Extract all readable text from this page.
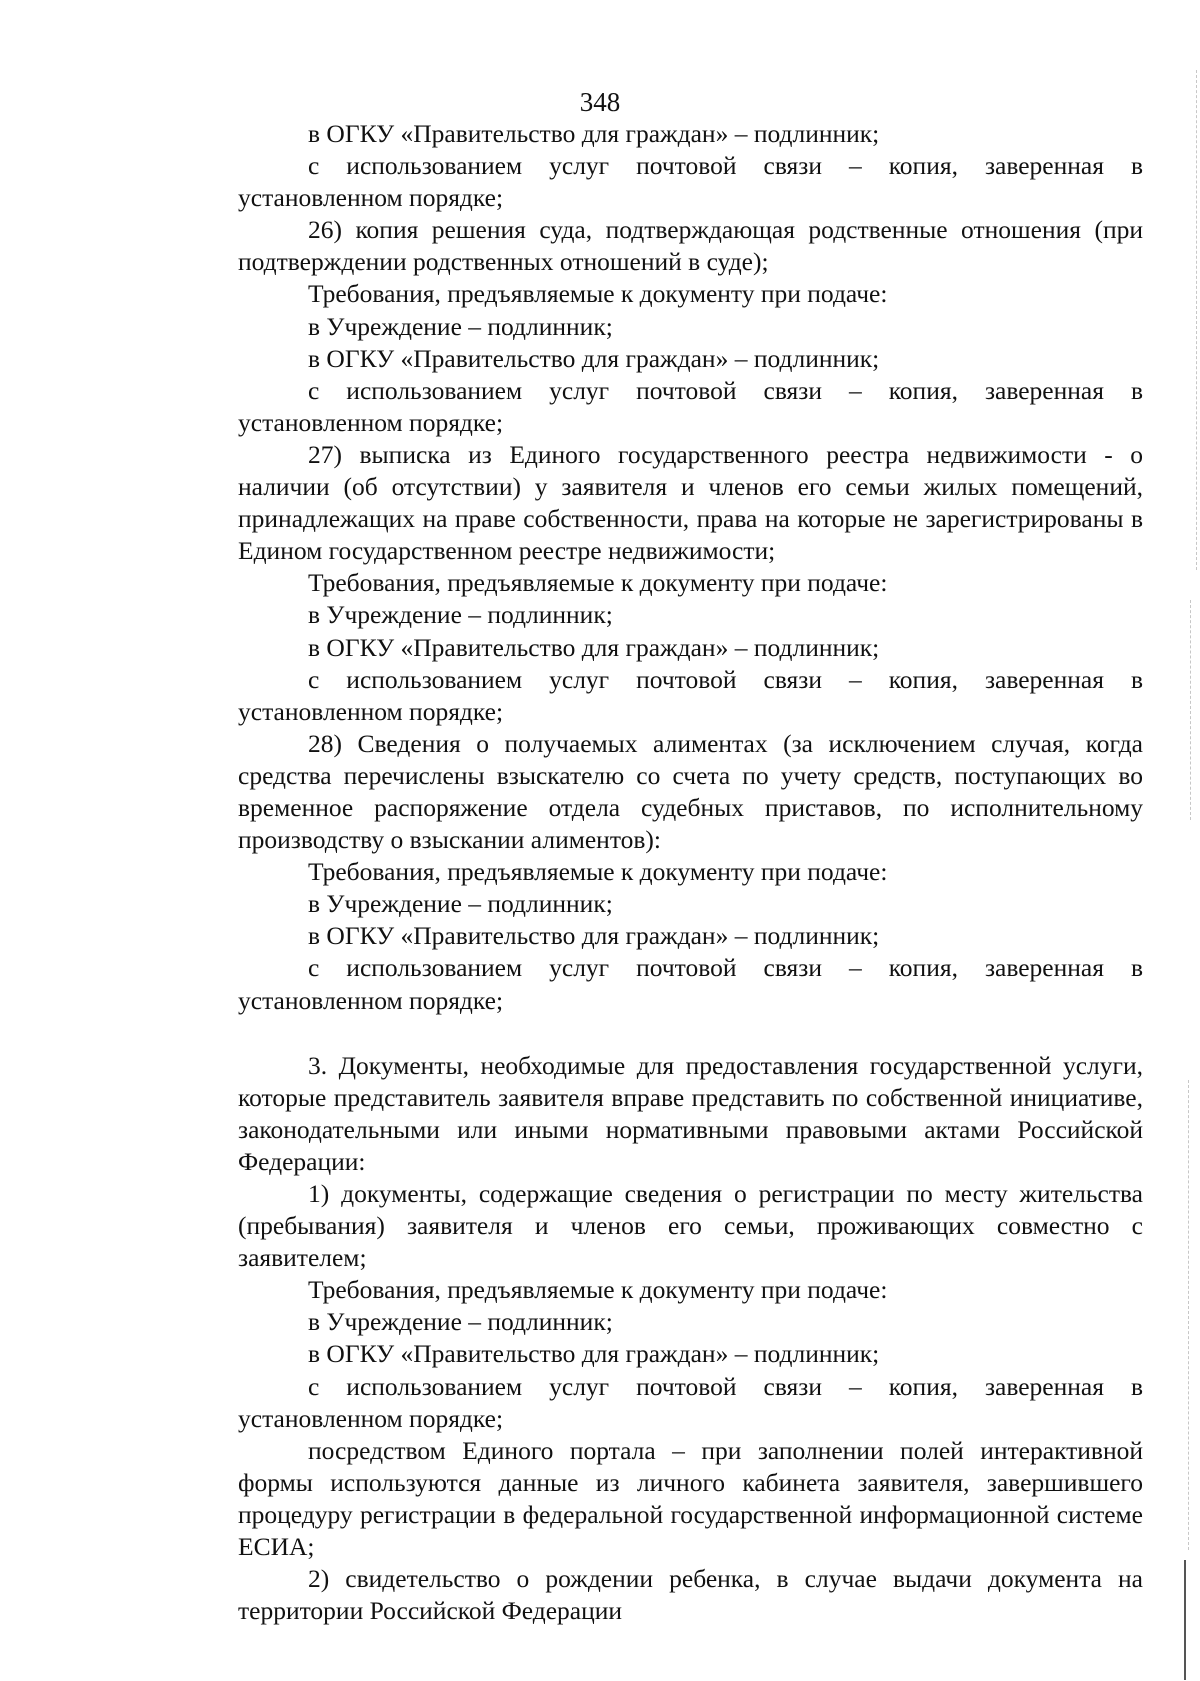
348

в ОГКУ «Правительство для граждан» – подлинник;

с использованием услуг почтовой связи – копия, заверенная в установленном порядке;

26) копия решения суда, подтверждающая родственные отношения (при подтверждении родственных отношений в суде);

Требования, предъявляемые к документу при подаче:

в Учреждение – подлинник;

в ОГКУ «Правительство для граждан» – подлинник;

с использованием услуг почтовой связи – копия, заверенная в установленном порядке;

27) выписка из Единого государственного реестра недвижимости - о наличии (об отсутствии) у заявителя и членов его семьи жилых помещений, принадлежащих на праве собственности, права на которые не зарегистрированы в Едином государственном реестре недвижимости;

Требования, предъявляемые к документу при подаче:

в Учреждение – подлинник;

в ОГКУ «Правительство для граждан» – подлинник;

с использованием услуг почтовой связи – копия, заверенная в установленном порядке;

28) Сведения о получаемых алиментах (за исключением случая, когда средства перечислены взыскателю со счета по учету средств, поступающих во временное распоряжение отдела судебных приставов, по исполнительному производству о взыскании алиментов):

Требования, предъявляемые к документу при подаче:

в Учреждение – подлинник;

в ОГКУ «Правительство для граждан» – подлинник;

с использованием услуг почтовой связи – копия, заверенная в установленном порядке;

3. Документы, необходимые для предоставления государственной услуги, которые представитель заявителя вправе представить по собственной инициативе, законодательными или иными нормативными правовыми актами Российской Федерации:

1) документы, содержащие сведения о регистрации по месту жительства (пребывания) заявителя и членов его семьи, проживающих совместно с заявителем;

Требования, предъявляемые к документу при подаче:

в Учреждение – подлинник;

в ОГКУ «Правительство для граждан» – подлинник;

с использованием услуг почтовой связи – копия, заверенная в установленном порядке;

посредством Единого портала – при заполнении полей интерактивной формы используются данные из личного кабинета заявителя, завершившего процедуру регистрации в федеральной государственной информационной системе ЕСИА;

2) свидетельство о рождении ребенка, в случае выдачи документа на территории Российской Федерации
